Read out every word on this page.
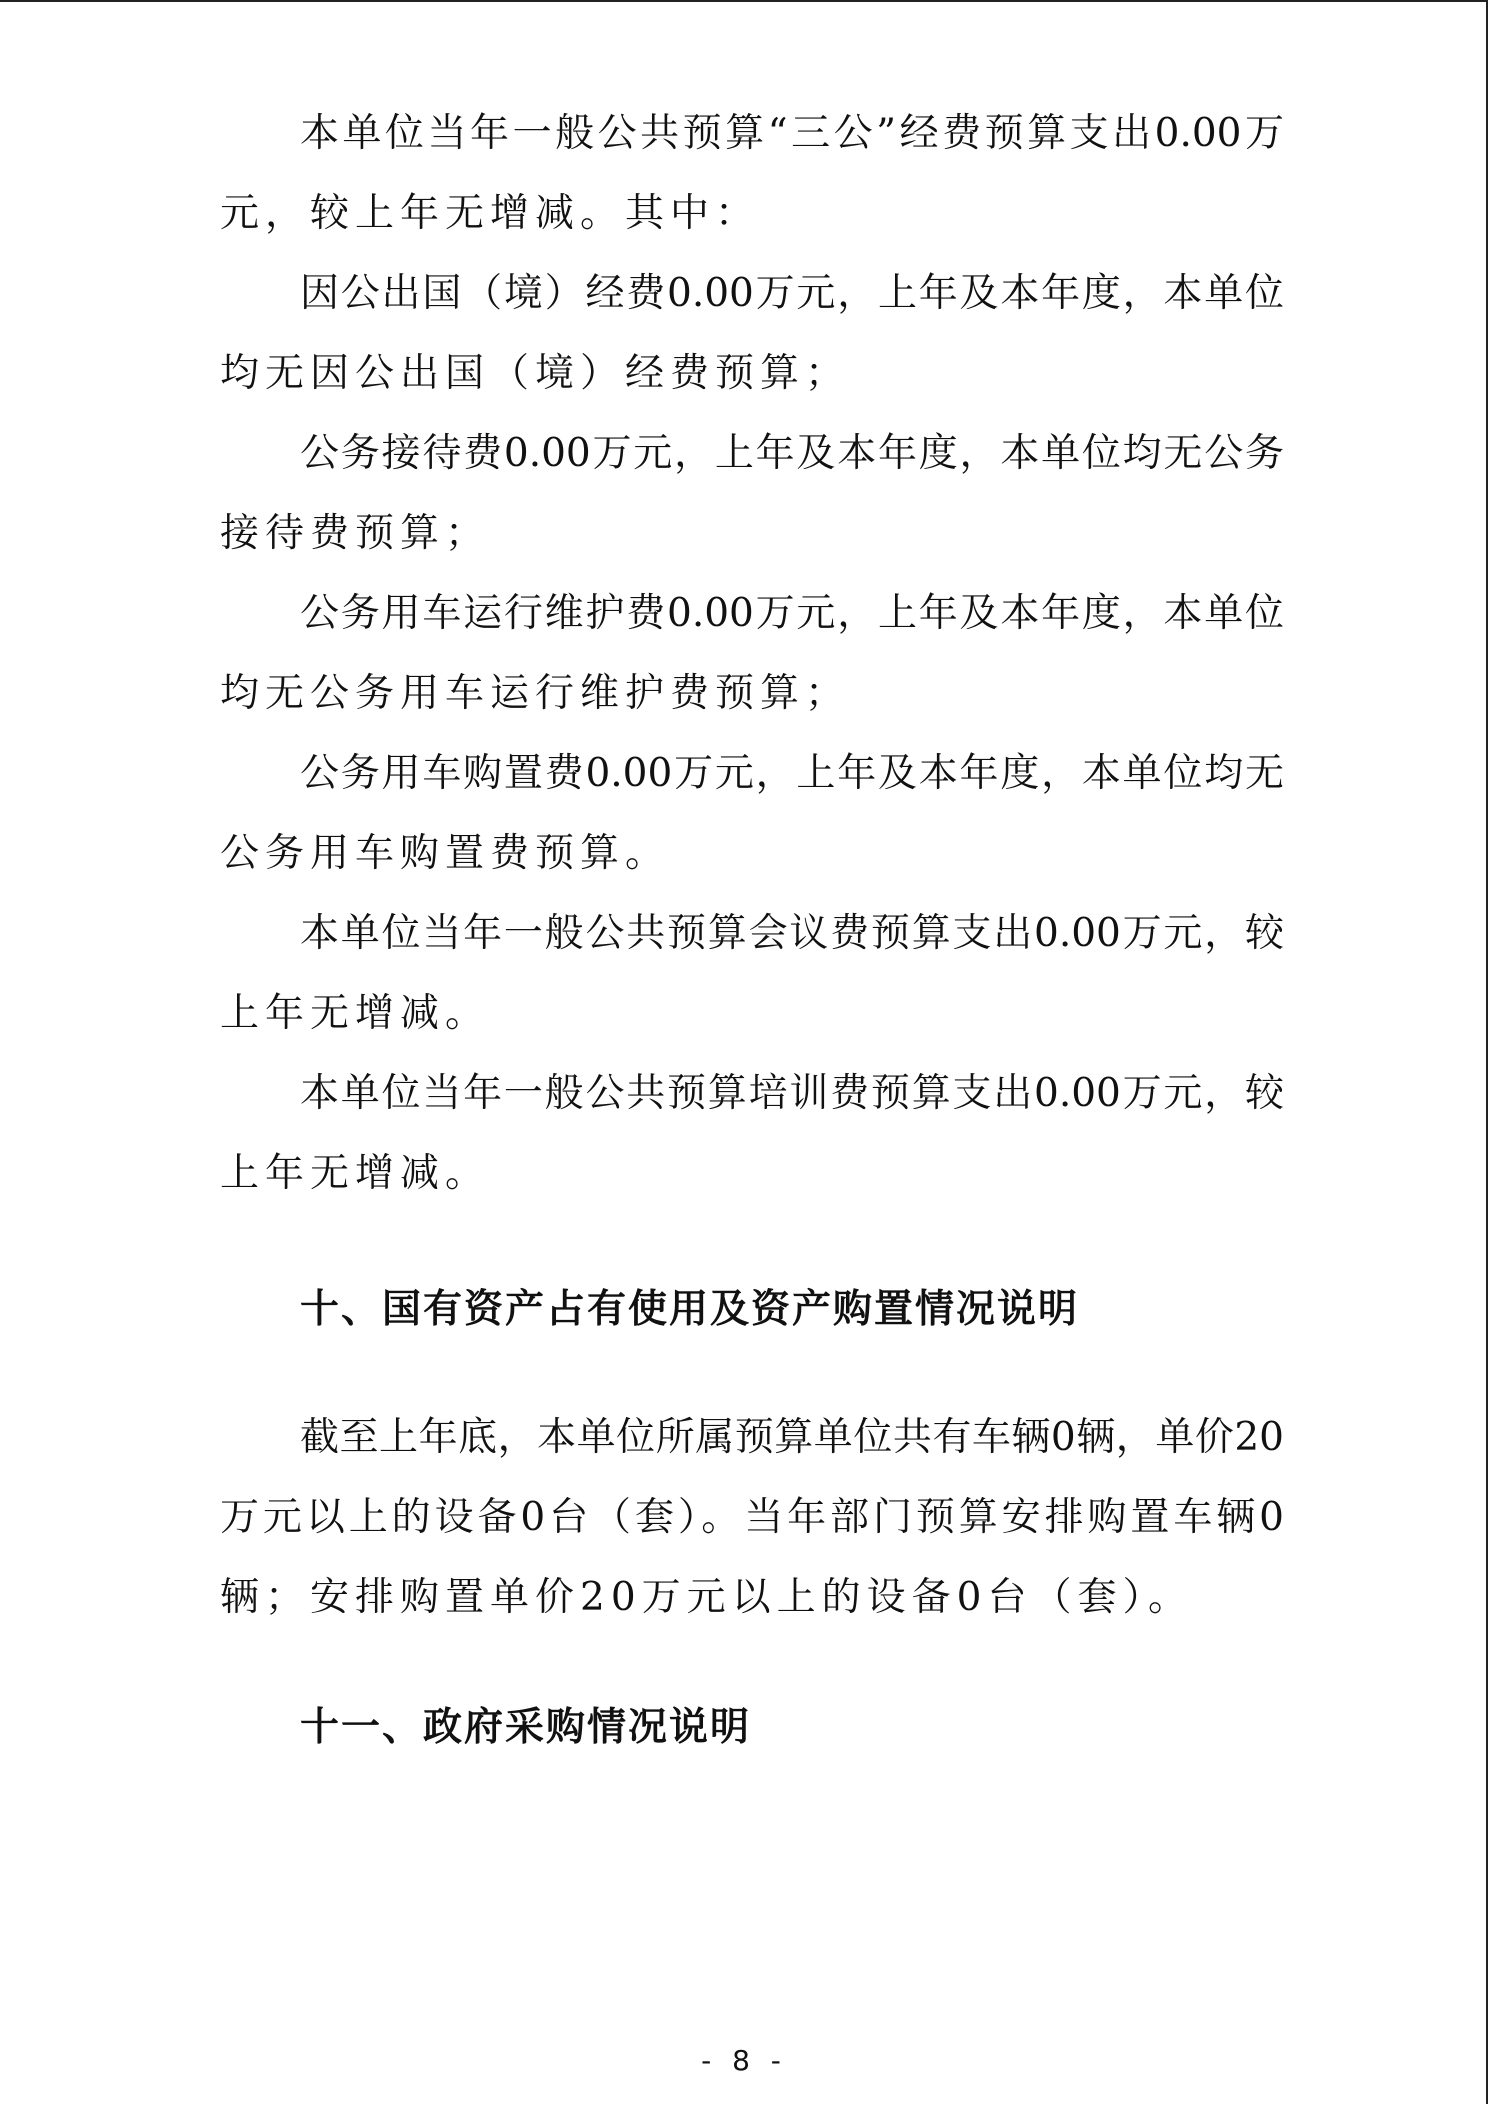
本单位当年一般公共预算“三公”经费预算支出0.00万
元，较上年无增减。其中：
因公出国（境）经费0.00万元，上年及本年度，本单位
均无因公出国（境）经费预算；
公务接待费0.00万元，上年及本年度，本单位均无公务
接待费预算；
公务用车运行维护费0.00万元，上年及本年度，本单位
均无公务用车运行维护费预算；
公务用车购置费0.00万元，上年及本年度，本单位均无
公务用车购置费预算。
本单位当年一般公共预算会议费预算支出0.00万元，较
上年无增减。
本单位当年一般公共预算培训费预算支出0.00万元，较
上年无增减。
十、国有资产占有使用及资产购置情况说明
截至上年底，本单位所属预算单位共有车辆0辆，单价20
万元以上的设备0台（套）。当年部门预算安排购置车辆0
辆；安排购置单价20万元以上的设备0台（套）。
十一、政府采购情况说明
- 8 -
